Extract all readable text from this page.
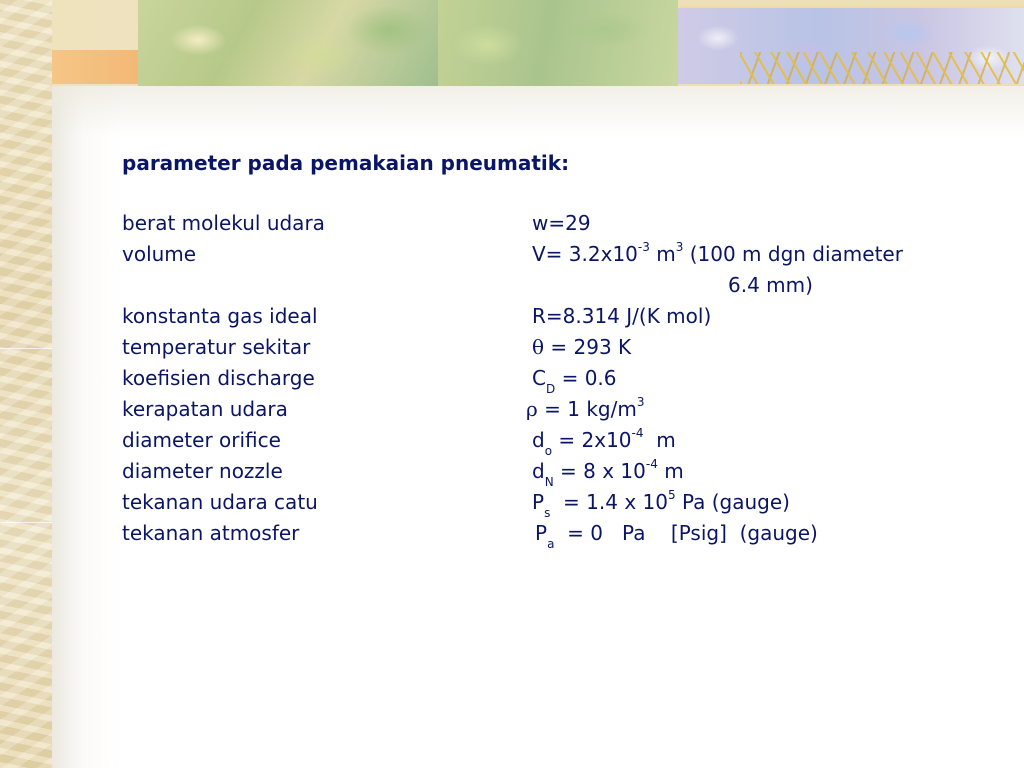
parameter pada pemakaian pneumatik:
berat molekul udara	w=29
volume	$V= 3.2x10^{-3}$ $m^3$ (100 m dgn diameter
6.4 mm)
konstanta gas ideal	R=8.314 J/(K mol)
temperatur sekitar	θ = 293 K
koefisien discharge	$C_D = 0.6$
kerapatan udara	ρ = 1 $kg/m^3$
diameter orifice	$d_o = 2x10^{-4}$  m
diameter nozzle	$d_N = 8$ x $10^{-4}$ m
tekanan udara catu	$P_s = 1.4$ x $10^5$ Pa (gauge)
tekanan atmosfer	$P_a = 0$   Pa    [Psig]  (gauge)
